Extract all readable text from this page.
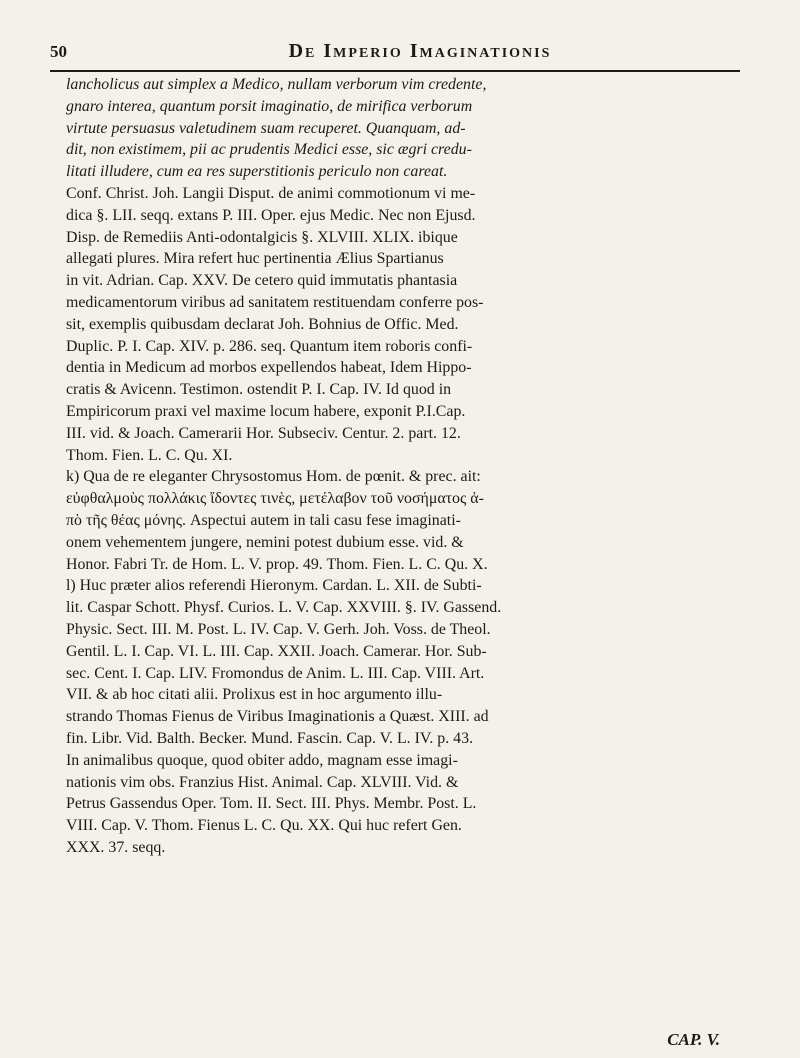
50	De Imperio Imaginationis
lancholicus aut simplex a Medico, nullam verborum vim credente,
gnaro interea, quantum porsit imaginatio, de mirifica verborum
virtute persuasus valetudinem suam recuperet. Quanquam, ad-
dit, non existimem, pii ac prudentis Medici esse, sic ægri credu-
litati illudere, cum ea res superstitionis periculo non careat.
Conf. Christ. Joh. Langii Disput. de animi commotionum vi me-
dica §. LII. seqq. extans P. III. Oper. ejus Medic. Nec non Ejusd.
Disp. de Remediis Anti-odontalgicis §. XLVIII. XLIX. ibique
allegati plures. Mira refert huc pertinentia Ælius Spartianus
in vit. Adrian. Cap. XXV. De cetero quid immutatis phantasia
medicamentorum viribus ad sanitatem restituendam conferre pos-
sit, exemplis quibusdam declarat Joh. Bohnius de Offic. Med.
Duplic. P. I. Cap. XIV. p. 286. seq. Quantum item roboris confi-
dentia in Medicum ad morbos expellendos habeat, Idem Hippo-
cratis & Avicenn. Testimon. ostendit P. I. Cap. IV. Id quod in
Empiricorum praxi vel maxime locum habere, exponit P.I.Cap.
III. vid. & Joach. Camerarii Hor. Subseciv. Centur. 2. part. 12.
Thom. Fien. L. C. Qu. XI.
k) Qua de re eleganter Chrysostomus Hom. de pœnit. & prec. ait:
εὐφθαλμοὺς πολλάκις ἴδοντες τινὲς, μετέλαβον τοῦ νοσήματος ἀ-
πὸ τῆς θέας μόνης. Aspectui autem in tali casu fese imaginati-
onem vehementem jungere, nemini potest dubium esse. vid. &
Honor. Fabri Tr. de Hom. L. V. prop. 49. Thom. Fien. L. C. Qu. X.
l) Huc præter alios referendi Hieronym. Cardan. L. XII. de Subti-
lit. Caspar Schott. Physf. Curios. L. V. Cap. XXVIII. §. IV. Gassend.
Physic. Sect. III. M. Post. L. IV. Cap. V. Gerh. Joh. Voss. de Theol.
Gentil. L. I. Cap. VI. L. III. Cap. XXII. Joach. Camerar. Hor. Sub-
sec. Cent. I. Cap. LIV. Fromondus de Anim. L. III. Cap. VIII. Art.
VII. & ab hoc citati alii. Prolixus est in hoc argumento illu-
strando Thomas Fienus de Viribus Imaginationis a Quæst. XIII. ad
fin. Libr. Vid. Balth. Becker. Mund. Fascin. Cap. V. L. IV. p. 43.
In animalibus quoque, quod obiter addo, magnam esse imagi-
nationis vim obs. Franzius Hist. Animal. Cap. XLVIII. Vid. &
Petrus Gassendus Oper. Tom. II. Sect. III. Phys. Membr. Post. L.
VIII. Cap. V. Thom. Fienus L. C. Qu. XX. Qui huc refert Gen.
XXX. 37. seqq.
CAP. V.
